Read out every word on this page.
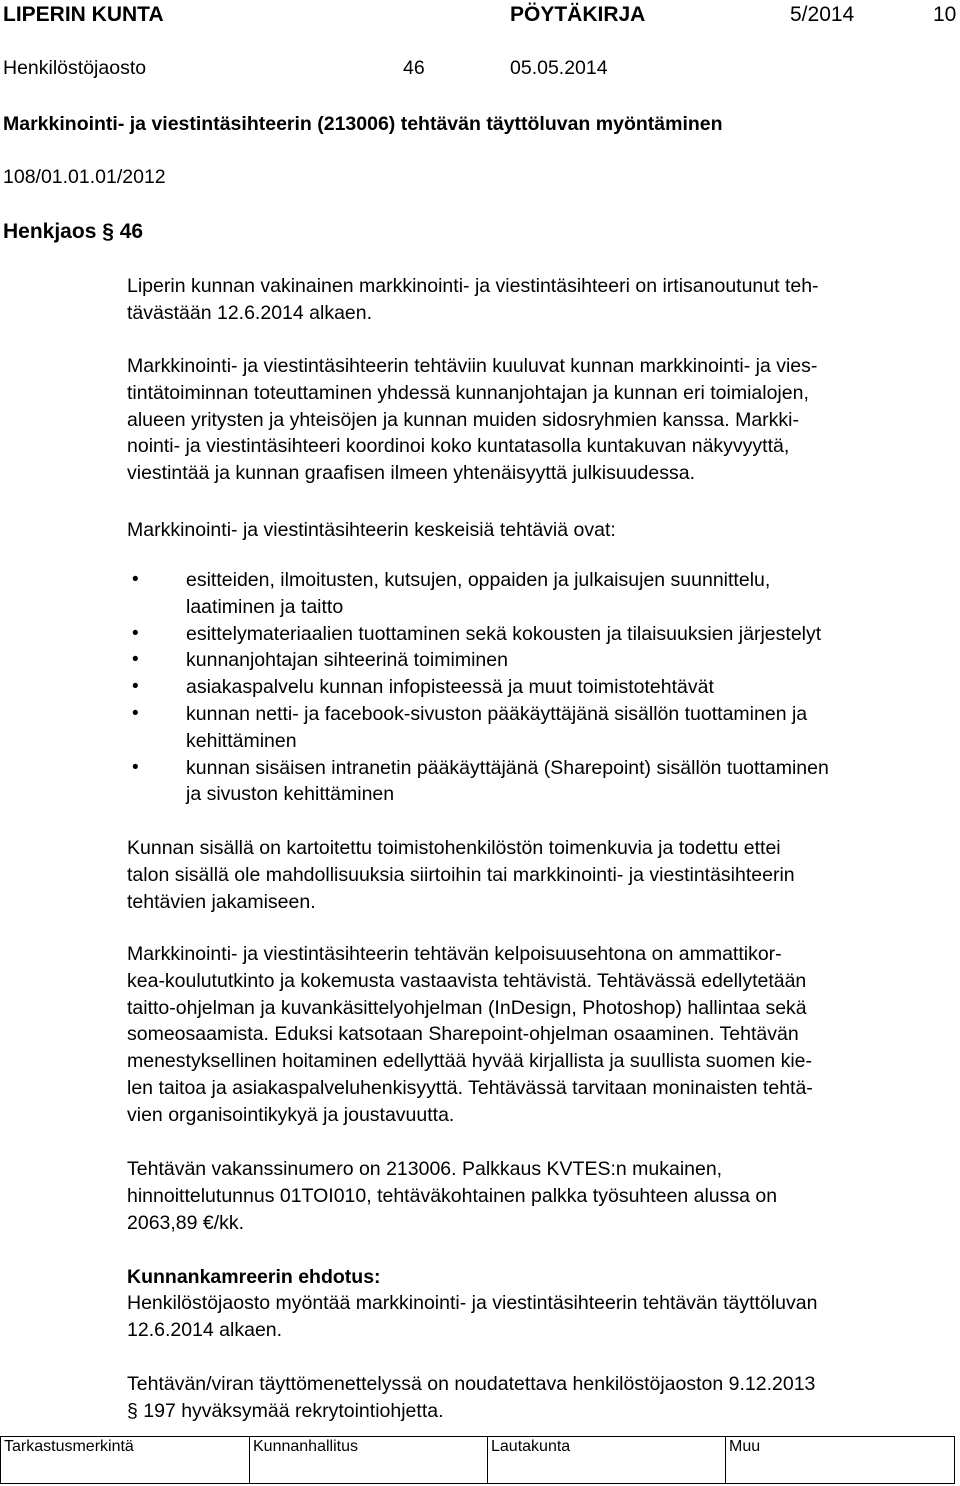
LIPERIN KUNTA	PÖYTÄKIRJA	5/2014	10
Henkilöstöjaosto	46	05.05.2014
Markkinointi- ja viestintäsihteerin (213006) tehtävän täyttöluvan myöntäminen
108/01.01.01/2012
Henkjaos § 46
Liperin kunnan vakinainen markkinointi- ja viestintäsihteeri on irtisanoutunut teh-
tävästään 12.6.2014 alkaen.
Markkinointi- ja viestintäsihteerin tehtäviin kuuluvat kunnan markkinointi- ja vies-
tintätoiminnan toteuttaminen yhdessä kunnanjohtajan ja kunnan eri toimialojen,
alueen yritysten ja yhteisöjen ja kunnan muiden sidosryhmien kanssa. Markki-
nointi- ja viestintäsihteeri koordinoi koko kuntatasolla kuntakuvan näkyvyyttä,
viestintää ja kunnan graafisen ilmeen yhtenäisyyttä julkisuudessa.
Markkinointi- ja viestintäsihteerin keskeisiä tehtäviä ovat:
• esitteiden, ilmoitusten, kutsujen, oppaiden ja julkaisujen suunnittelu,
laatiminen ja taitto
• esittelymateriaalien tuottaminen sekä kokousten ja tilaisuuksien järjestelyt
• kunnanjohtajan sihteerinä toimiminen
• asiakaspalvelu kunnan infopisteessä ja muut toimistotehtävät
• kunnan netti- ja facebook-sivuston pääkäyttäjänä sisällön tuottaminen ja
kehittäminen
• kunnan sisäisen intranetin pääkäyttäjänä (Sharepoint) sisällön tuottaminen
ja sivuston kehittäminen
Kunnan sisällä on kartoitettu toimistohenkilöstön toimenkuvia ja todettu ettei
talon sisällä ole mahdollisuuksia siirtoihin tai markkinointi- ja viestintäsihteerin
tehtävien jakamiseen.
Markkinointi- ja viestintäsihteerin tehtävän kelpoisuusehtona on ammattikor-
kea-koulututkinto ja kokemusta vastaavista tehtävistä. Tehtävässä edellytetään
taitto-ohjelman ja kuvankäsittelyohjelman (InDesign, Photoshop) hallintaa sekä
someosaamista. Eduksi katsotaan Sharepoint-ohjelman osaaminen. Tehtävän
menestyksellinen hoitaminen edellyttää hyvää kirjallista ja suullista suomen kie-
len taitoa ja asiakaspalveluhenkisyyttä. Tehtävässä tarvitaan moninaisten tehtä-
vien organisointikykyä ja joustavuutta.
Tehtävän vakanssinumero on 213006. Palkkaus KVTES:n mukainen,
hinnoittelutunnus 01TOI010, tehtäväkohtainen palkka työsuhteen alussa on
2063,89 €/kk.
Kunnankamreerin ehdotus:
Henkilöstöjaosto myöntää markkinointi- ja viestintäsihteerin tehtävän täyttöluvan
12.6.2014 alkaen.
Tehtävän/viran täyttömenettelyssä on noudatettava henkilöstöjaoston 9.12.2013
§ 197 hyväksymää rekrytointiohjetta.
Tarkastusmerkintä	Kunnanhallitus	Lautakunta	Muu
